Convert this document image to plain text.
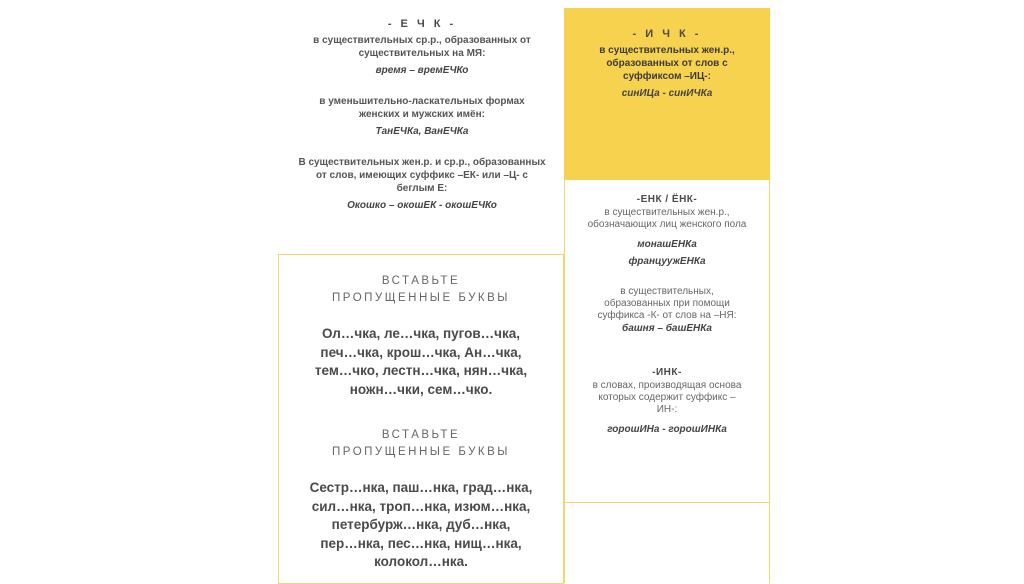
- Е Ч К -
в существительных ср.р., образованных от существительных на МЯ:
время – времЕЧКо
в уменьшительно-ласкательных формах женских и мужских имён:
ТанЕЧКа, ВанЕЧКа
В существительных жен.р. и ср.р., образованных от слов, имеющих суффикс –ЕК- или –Ц- с беглым Е:
Окошко – окошЕК - окошЕЧКо
- И Ч К -
в существительных жен.р., образованных от слов с суффиксом –ИЦ-:
синИЦа - синИЧКа
-ЕНК / ЁНК-
в существительных жен.р., обозначающих лиц женского пола
монашЕНКа
француужЕНКа
в существительных, образованных при помощи суффикса -К- от слов на –НЯ:
башня – башЕНКа
-ИНК-
в словах, производящая основа которых содержит суффикс –ИН-:
горошИНа - горошИНКа
ВСТАВЬТЕ
ПРОПУЩЕННЫЕ БУКВЫ
Ол…чка, ле…чка, пугов…чка,
печ…чка, крош…чка, Ан…чка,
тем…чко, лестн…чка, нян…чка,
ножн…чки, сем…чко.
ВСТАВЬТЕ
ПРОПУЩЕННЫЕ БУКВЫ
Сестр…нка, паш…нка, град…нка,
сил…нка, троп…нка, изюм…нка,
петербурж…нка, дуб…нка,
пер…нка, пес…нка, нищ…нка,
колокол…нка.
